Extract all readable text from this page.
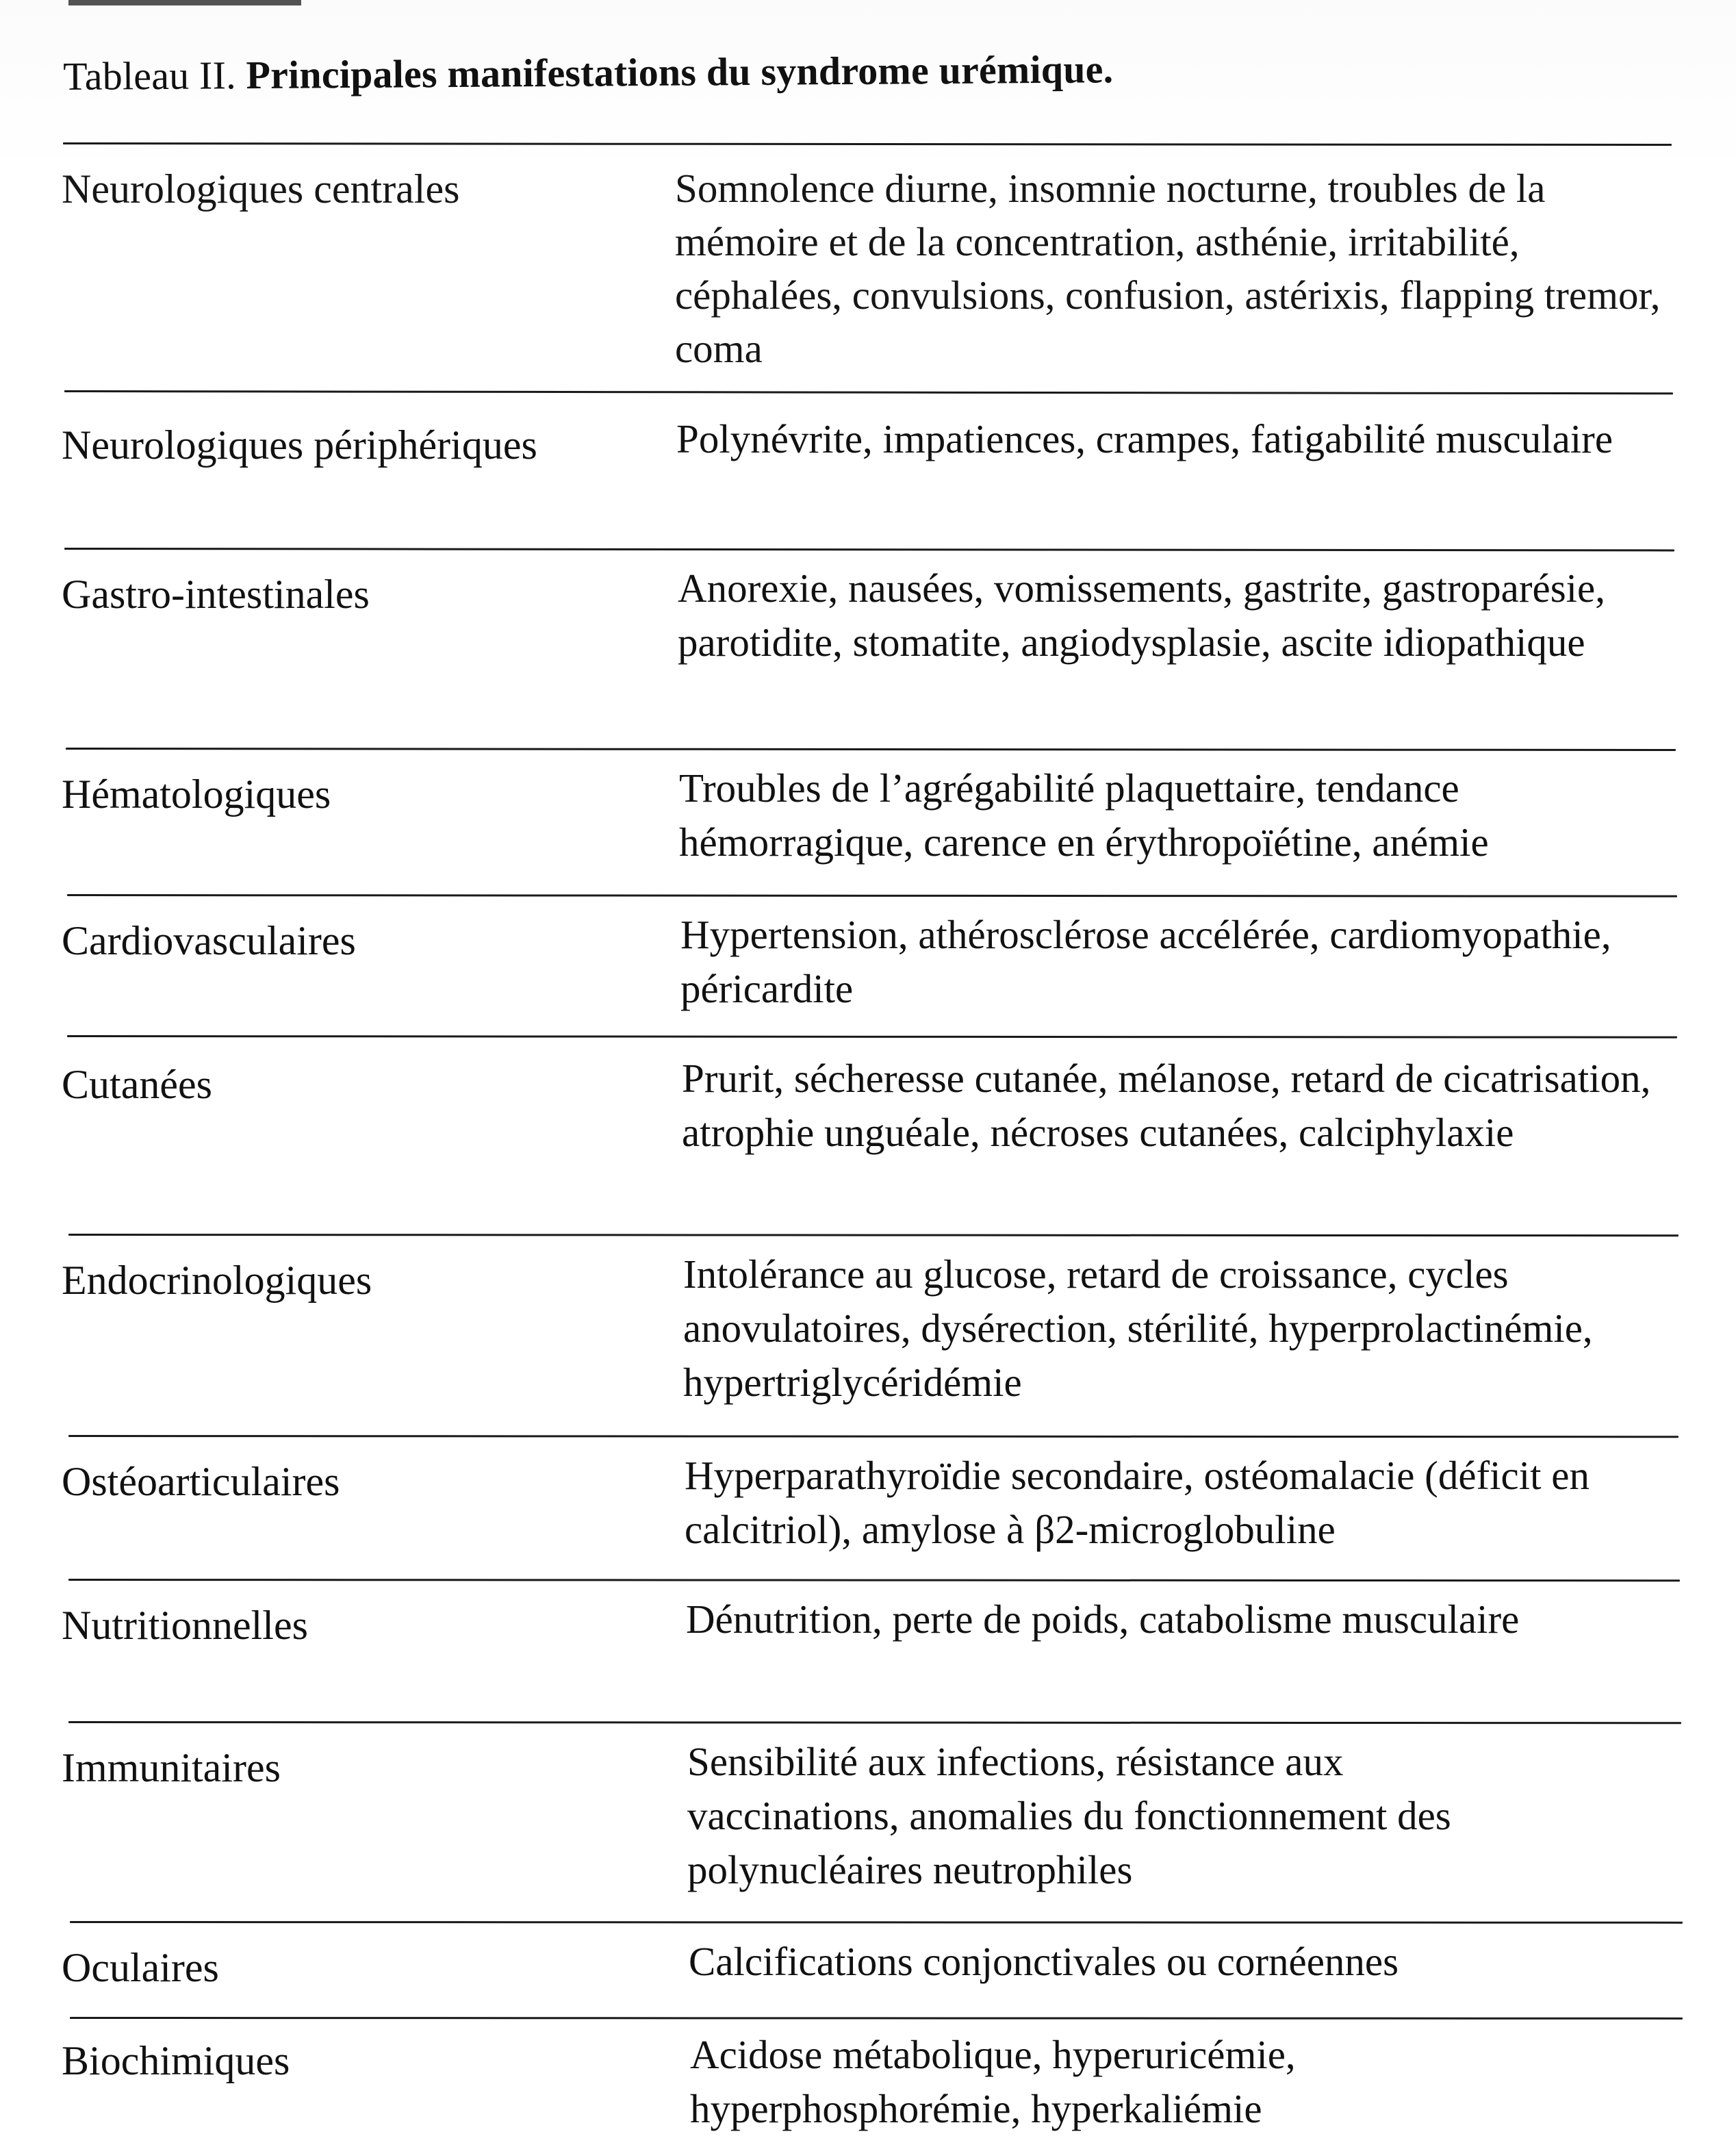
Tableau II. Principales manifestations du syndrome urémique.
Neurologiques centrales	Somnolence diurne, insomnie nocturne, troubles de la mémoire et de la concentration, asthénie, irritabilité, céphalées, convulsions, confusion, astérixis, flapping tremor, coma
Neurologiques périphériques	Polynévrite, impatiences, crampes, fatigabilité musculaire
Gastro-intestinales	Anorexie, nausées, vomissements, gastrite, gastroparésie, parotidite, stomatite, angiodysplasie, ascite idiopathique
Hématologiques	Troubles de l’agrégabilité plaquettaire, tendance hémorragique, carence en érythropoïétine, anémie
Cardiovasculaires	Hypertension, athérosclérose accélérée, cardiomyopathie, péricardite
Cutanées	Prurit, sécheresse cutanée, mélanose, retard de cicatrisation, atrophie unguéale, nécroses cutanées, calciphylaxie
Endocrinologiques	Intolérance au glucose, retard de croissance, cycles anovulatoires, dysérection, stérilité, hyperprolactinémie, hypertriglycéridémie
Ostéoarticulaires	Hyperparathyroïdie secondaire, ostéomalacie (déficit en calcitriol), amylose à β2-microglobuline
Nutritionnelles	Dénutrition, perte de poids, catabolisme musculaire
Immunitaires	Sensibilité aux infections, résistance aux vaccinations, anomalies du fonctionnement des polynucléaires neutrophiles
Oculaires	Calcifications conjonctivales ou cornéennes
Biochimiques	Acidose métabolique, hyperuricémie, hyperphosphorémie, hyperkaliémie
